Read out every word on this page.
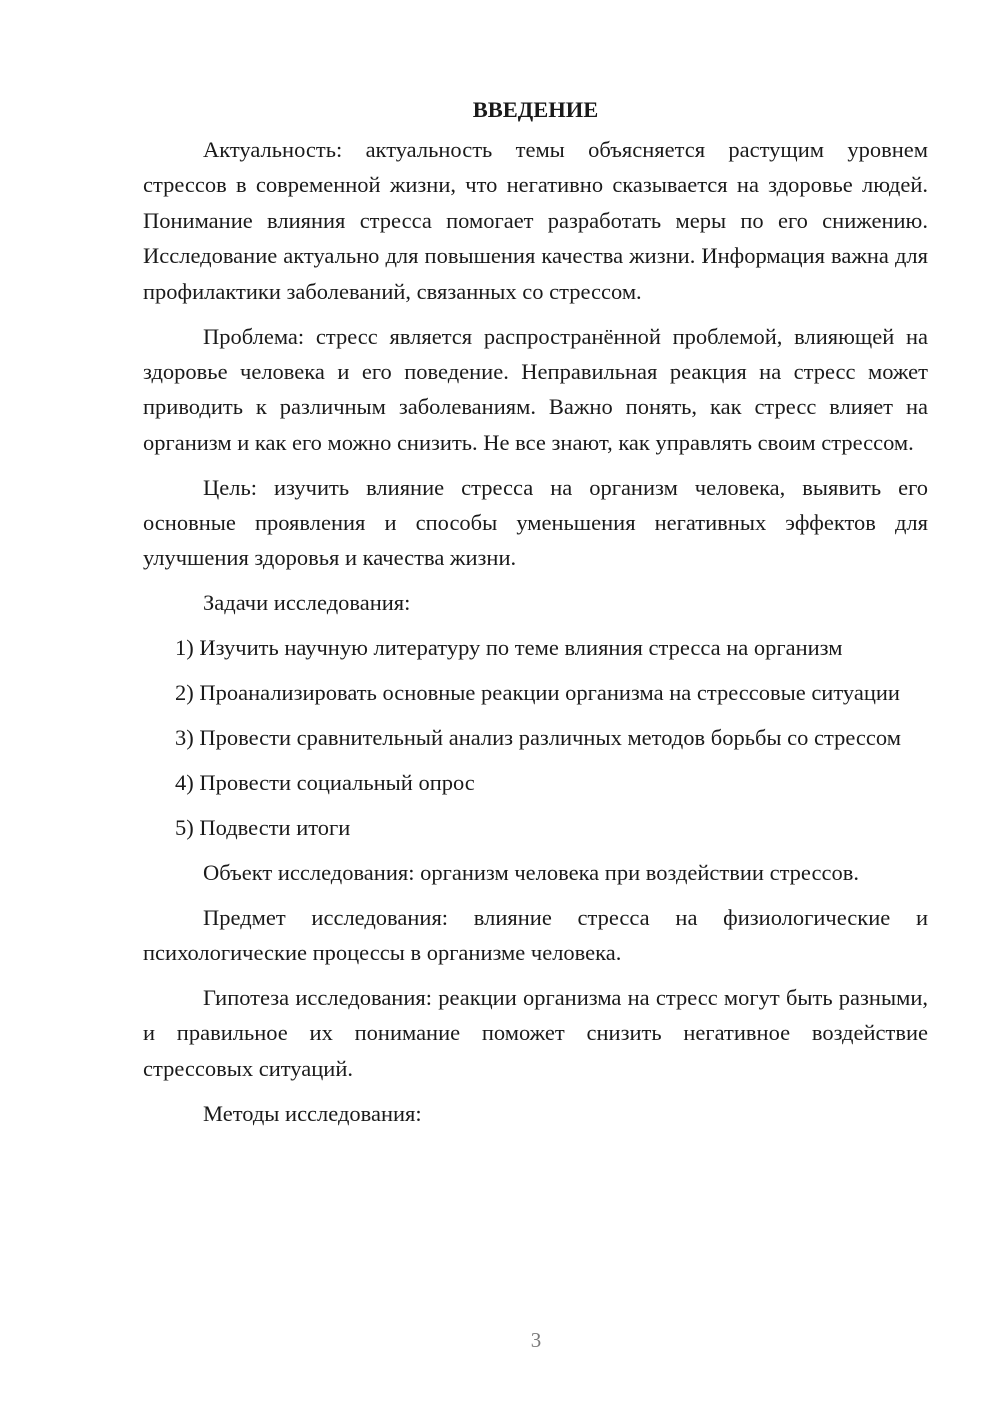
ВВЕДЕНИЕ

Актуальность: актуальность темы объясняется растущим уровнем стрессов в современной жизни, что негативно сказывается на здоровье людей. Понимание влияния стресса помогает разработать меры по его снижению. Исследование актуально для повышения качества жизни. Информация важна для профилактики заболеваний, связанных со стрессом.

Проблема: стресс является распространённой проблемой, влияющей на здоровье человека и его поведение. Неправильная реакция на стресс может приводить к различным заболеваниям. Важно понять, как стресс влияет на организм и как его можно снизить. Не все знают, как управлять своим стрессом.

Цель: изучить влияние стресса на организм человека, выявить его основные проявления и способы уменьшения негативных эффектов для улучшения здоровья и качества жизни.

Задачи исследования:

1) Изучить научную литературу по теме влияния стресса на организм

2) Проанализировать основные реакции организма на стрессовые ситуации

3) Провести сравнительный анализ различных методов борьбы со стрессом

4) Провести социальный опрос

5) Подвести итоги

Объект исследования: организм человека при воздействии стрессов.

Предмет исследования: влияние стресса на физиологические и психологические процессы в организме человека.

Гипотеза исследования: реакции организма на стресс могут быть разными, и правильное их понимание поможет снизить негативное воздействие стрессовых ситуаций.

Методы исследования:

3
